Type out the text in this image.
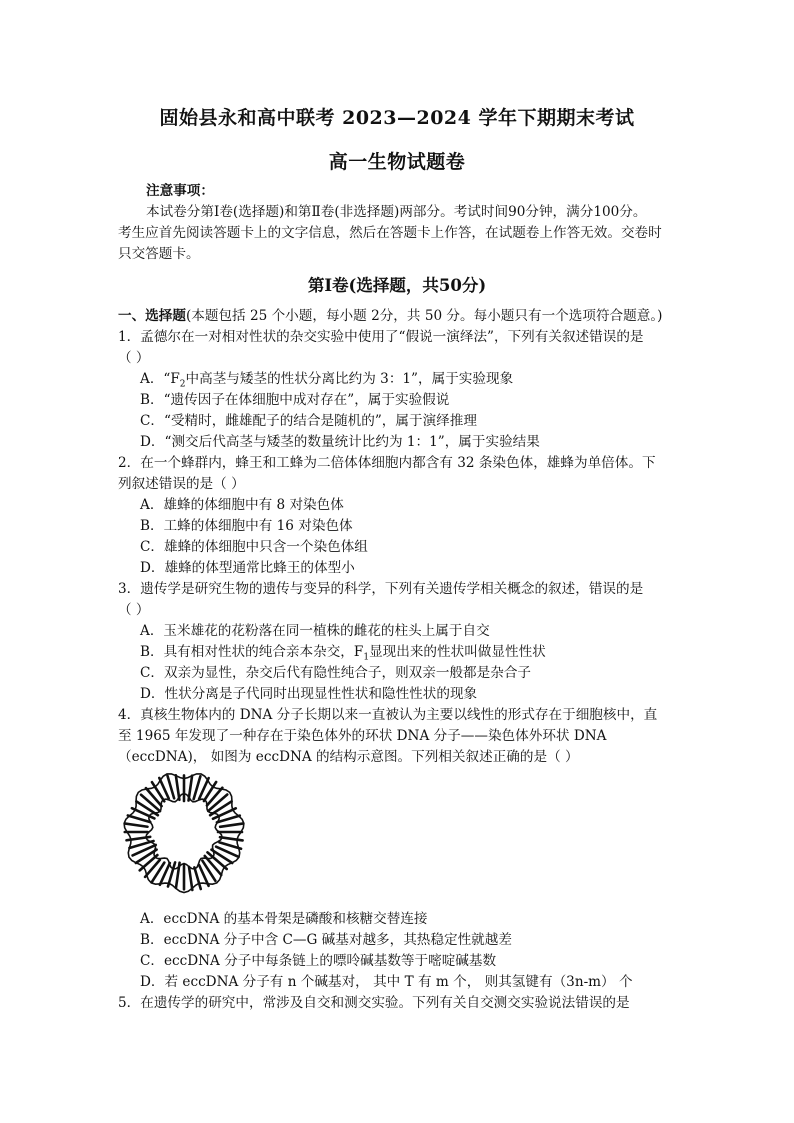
固始县永和高中联考 2023—2024 学年下期期末考试
高一生物试题卷
注意事项：
本试卷分第Ⅰ卷(选择题)和第Ⅱ卷(非选择题)两部分。考试时间90分钟，满分100分。
考生应首先阅读答题卡上的文字信息，然后在答题卡上作答，在试题卷上作答无效。交卷时
只交答题卡。
第Ⅰ卷(选择题，共50分)
一、选择题(本题包括 25 个小题，每小题 2分，共 50 分。每小题只有一个选项符合题意。)
1．孟德尔在一对相对性状的杂交实验中使用了“假说一演绎法”，下列有关叙述错误的是
（ ）
A．“$F_2$中高茎与矮茎的性状分离比约为 3：1”，属于实验现象
B．“遗传因子在体细胞中成对存在”，属于实验假说
C．“受精时，雌雄配子的结合是随机的”，属于演绎推理
D．“测交后代高茎与矮茎的数量统计比约为 1：1”，属于实验结果
2．在一个蜂群内，蜂王和工蜂为二倍体体细胞内都含有 32 条染色体，雄蜂为单倍体。下
列叙述错误的是（ ）
A．雄蜂的体细胞中有 8 对染色体
B．工蜂的体细胞中有 16 对染色体
C．雄蜂的体细胞中只含一个染色体组
D．雄蜂的体型通常比蜂王的体型小
3．遗传学是研究生物的遗传与变异的科学，下列有关遗传学相关概念的叙述，错误的是
（ ）
A．玉米雄花的花粉落在同一植株的雌花的柱头上属于自交
B．具有相对性状的纯合亲本杂交，$F_1$显现出来的性状叫做显性性状
C．双亲为显性，杂交后代有隐性纯合子，则双亲一般都是杂合子
D．性状分离是子代同时出现显性性状和隐性性状的现象
4．真核生物体内的 DNA 分子长期以来一直被认为主要以线性的形式存在于细胞核中，直
至 1965 年发现了一种存在于染色体外的环状 DNA 分子——染色体外环状 DNA
（eccDNA)， 如图为 eccDNA 的结构示意图。下列相关叙述正确的是（ ）
A．eccDNA 的基本骨架是磷酸和核糖交替连接
B．eccDNA 分子中含 C—G 碱基对越多，其热稳定性就越差
C．eccDNA 分子中每条链上的嘌呤碱基数等于嘧啶碱基数
D．若 eccDNA 分子有 n 个碱基对， 其中 T 有 m 个， 则其氢键有（3n-m） 个
5．在遗传学的研究中，常涉及自交和测交实验。下列有关自交测交实验说法错误的是
